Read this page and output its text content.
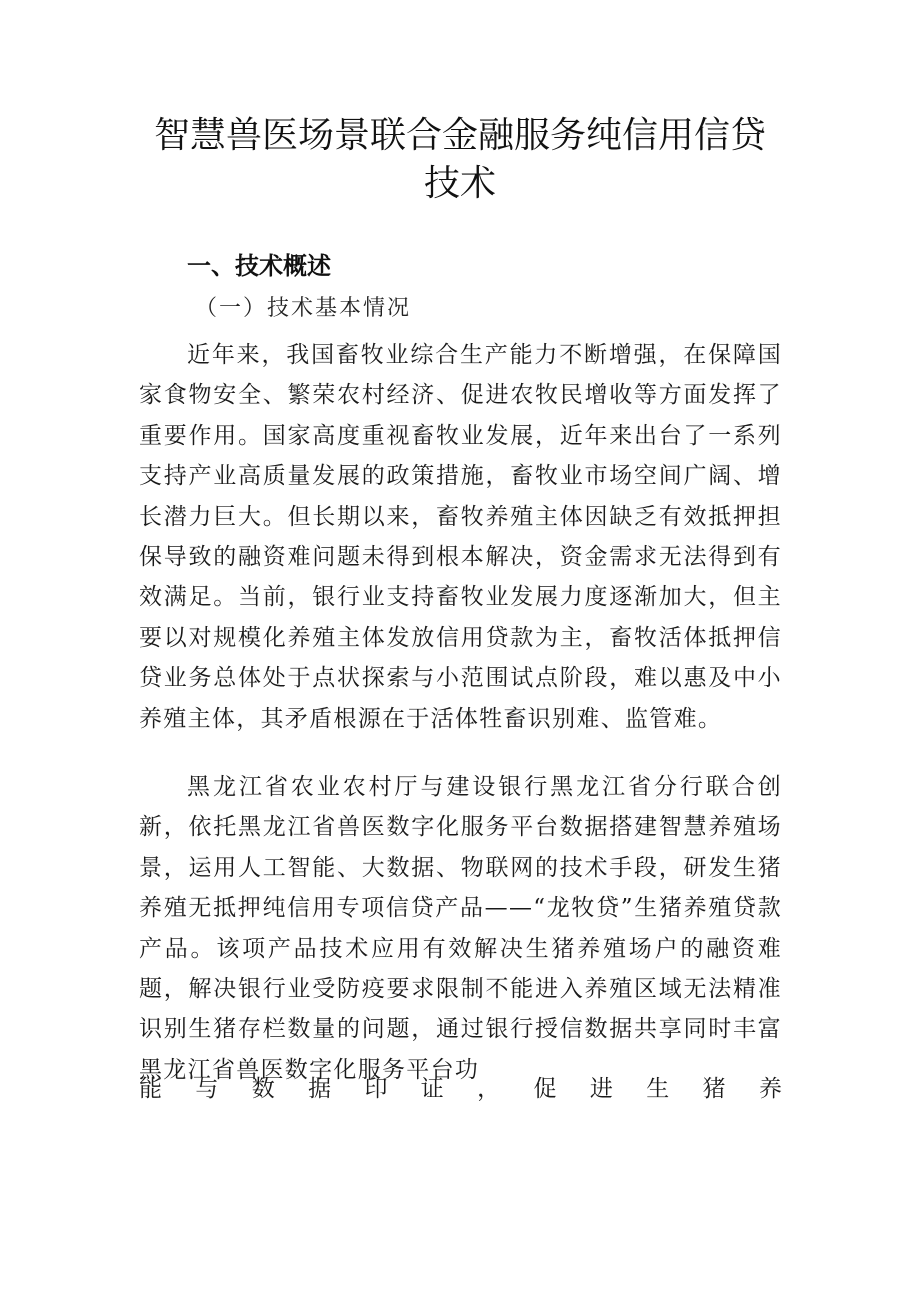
智慧兽医场景联合金融服务纯信用信贷技术
一、技术概述
（一）技术基本情况

近年来，我国畜牧业综合生产能力不断增强，在保障国家食物安全、繁荣农村经济、促进农牧民增收等方面发挥了重要作用。国家高度重视畜牧业发展，近年来出台了一系列支持产业高质量发展的政策措施，畜牧业市场空间广阔、增长潜力巨大。但长期以来，畜牧养殖主体因缺乏有效抵押担保导致的融资难问题未得到根本解决，资金需求无法得到有效满足。当前，银行业支持畜牧业发展力度逐渐加大，但主要以对规模化养殖主体发放信用贷款为主，畜牧活体抵押信贷业务总体处于点状探索与小范围试点阶段，难以惠及中小养殖主体，其矛盾根源在于活体牲畜识别难、监管难。

黑龙江省农业农村厅与建设银行黑龙江省分行联合创新，依托黑龙江省兽医数字化服务平台数据搭建智慧养殖场景，运用人工智能、大数据、物联网的技术手段，研发生猪养殖无抵押纯信用专项信贷产品——“龙牧贷”生猪养殖贷款产品。该项产品技术应用有效解决生猪养殖场户的融资难题，解决银行业受防疫要求限制不能进入养殖区域无法精准识别生猪存栏数量的问题，通过银行授信数据共享同时丰富黑龙江省兽医数字化服务平台功

能 与 数 据 印 证 ， 促 进 生 猪 养
